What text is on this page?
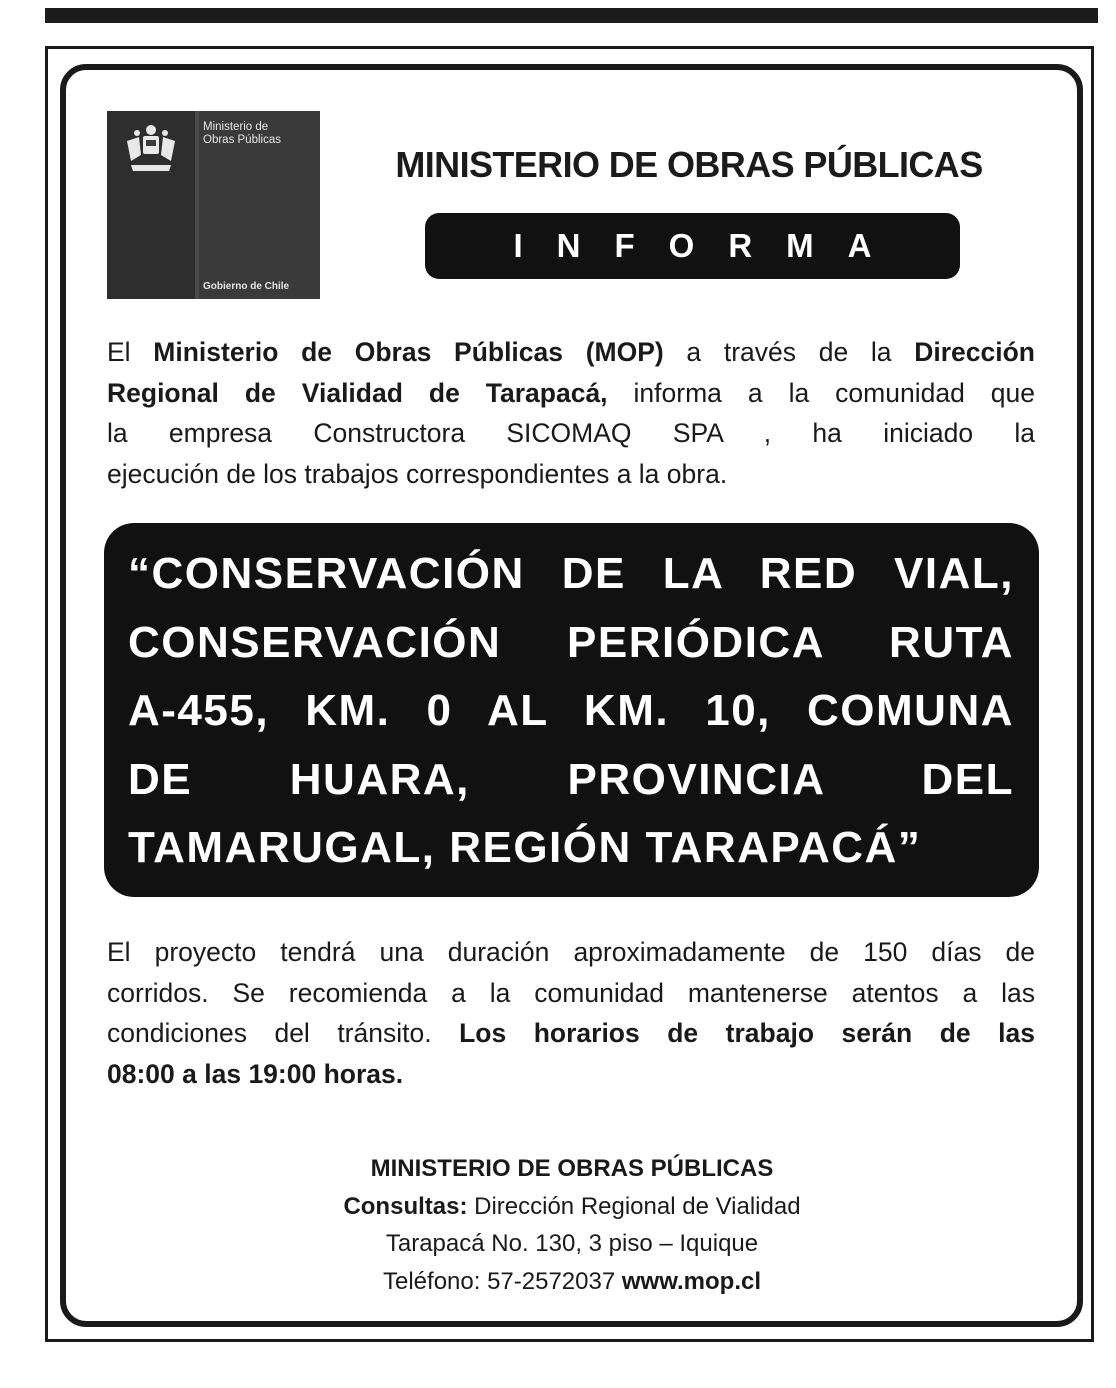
Ministerio de
Obras Públicas
Gobierno de Chile
MINISTERIO DE OBRAS PÚBLICAS
INFORMA
El Ministerio de Obras Públicas (MOP) a través de la Dirección
Regional de Vialidad de Tarapacá, informa a la comunidad que
la empresa Constructora SICOMAQ SPA , ha iniciado la
ejecución de los trabajos correspondientes a la obra.
“CONSERVACIÓN DE LA RED VIAL,
CONSERVACIÓN PERIÓDICA RUTA
A-455, KM. 0 AL KM. 10, COMUNA
DE HUARA, PROVINCIA DEL
TAMARUGAL, REGIÓN TARAPACÁ”
El proyecto tendrá una duración aproximadamente de 150 días de
corridos. Se recomienda a la comunidad mantenerse atentos a las
condiciones del tránsito. Los horarios de trabajo serán de las
08:00 a las 19:00 horas.
MINISTERIO DE OBRAS PÚBLICAS
Consultas: Dirección Regional de Vialidad
Tarapacá No. 130, 3 piso – Iquique
Teléfono: 57-2572037 www.mop.cl
